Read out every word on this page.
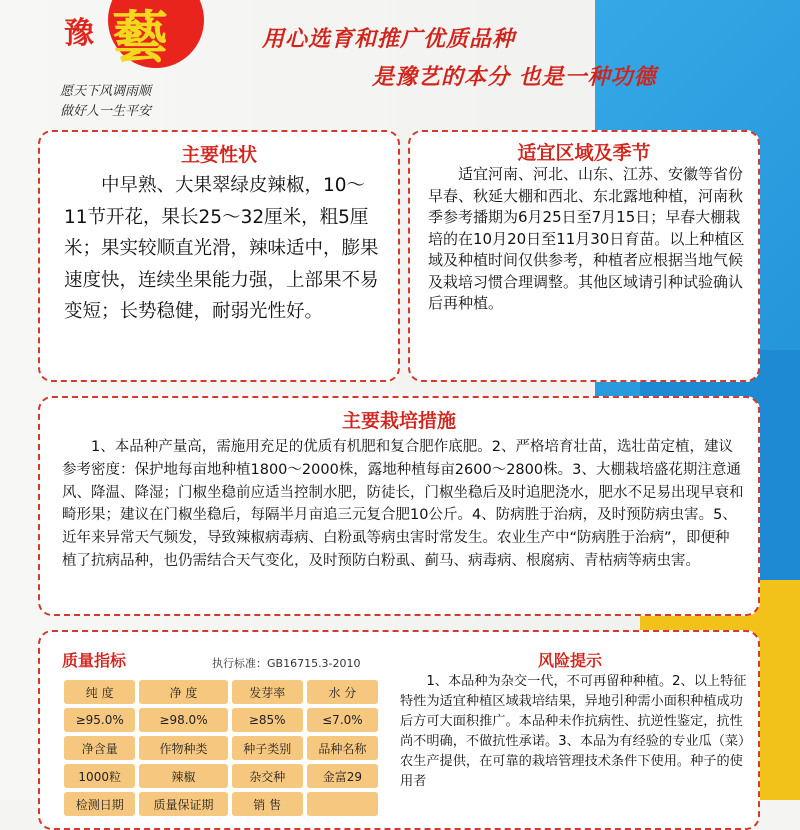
豫 藝
愿天下风调雨顺
做好人一生平安
用心选育和推广优质品种
是豫艺的本分 也是一种功德
主要性状
　　中早熟、大果翠绿皮辣椒，10～11节开花，果长25～32厘米，粗5厘米；果实较顺直光滑，辣味适中，膨果速度快，连续坐果能力强，上部果不易变短；长势稳健，耐弱光性好。
适宜区域及季节
　　适宜河南、河北、山东、江苏、安徽等省份早春、秋延大棚和西北、东北露地种植，河南秋季参考播期为6月25日至7月15日；早春大棚栽培的在10月20日至11月30日育苗。以上种植区域及种植时间仅供参考，种植者应根据当地气候及栽培习惯合理调整。其他区域请引种试验确认后再种植。
主要栽培措施
　　1、本品种产量高，需施用充足的优质有机肥和复合肥作底肥。2、严格培育壮苗，选壮苗定植，建议参考密度：保护地每亩地种植1800～2000株，露地种植每亩2600～2800株。3、大棚栽培盛花期注意通风、降温、降湿；门椒坐稳前应适当控制水肥，防徒长，门椒坐稳后及时追肥浇水，肥水不足易出现早衰和畸形果；建议在门椒坐稳后，每隔半月亩追三元复合肥10公斤。4、防病胜于治病，及时预防病虫害。5、近年来异常天气频发，导致辣椒病毒病、白粉虱等病虫害时常发生。农业生产中“防病胜于治病”，即便种植了抗病品种，也仍需结合天气变化，及时预防白粉虱、蓟马、病毒病、根腐病、青枯病等病虫害。
质量指标	执行标准：GB16715.3-2010
纯 度	净 度	发芽率	水 分
≥95.0%	≥98.0%	≥85%	≤7.0%
净含量	作物种类	种子类别	品种名称
1000粒	辣椒	杂交种	金富29
检测日期	质量保证期	销 售	
风险提示
　　1、本品种为杂交一代，不可再留种种植。2、以上特征特性为适宜种植区域栽培结果，异地引种需小面积种植成功后方可大面积推广。本品种未作抗病性、抗逆性鉴定，抗性尚不明确，不做抗性承诺。3、本品为有经验的专业瓜（菜）农生产提供，在可靠的栽培管理技术条件下使用。种子的使用者
